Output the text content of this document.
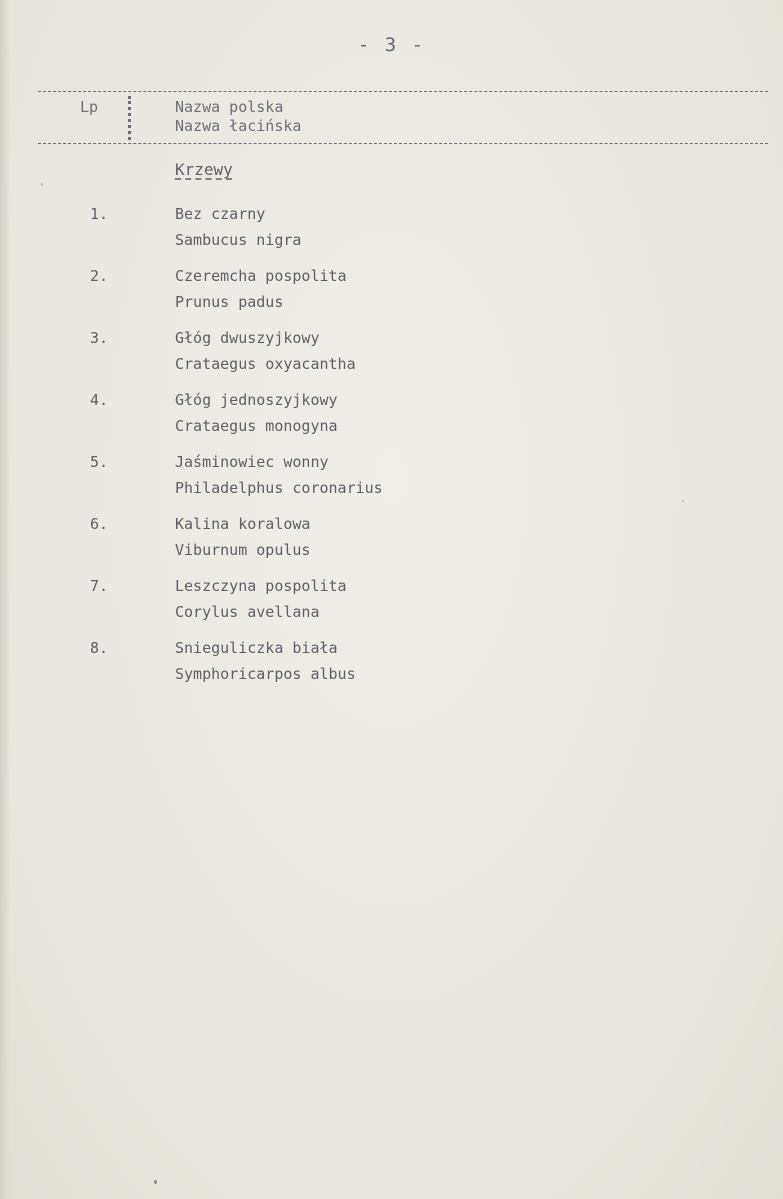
- 3 -
Lp	Nazwa polska
Nazwa łacińska
Krzewy
1.	Bez czarny
Sambucus nigra
2.	Czeremcha pospolita
Prunus padus
3.	Głóg dwuszyjkowy
Crataegus oxyacantha
4.	Głóg jednoszyjkowy
Crataegus monogyna
5.	Jaśminowiec wonny
Philadelphus coronarius
6.	Kalina koralowa
Viburnum opulus
7.	Leszczyna pospolita
Corylus avellana
8.	Snieguliczka biała
Symphoricarpos albus
